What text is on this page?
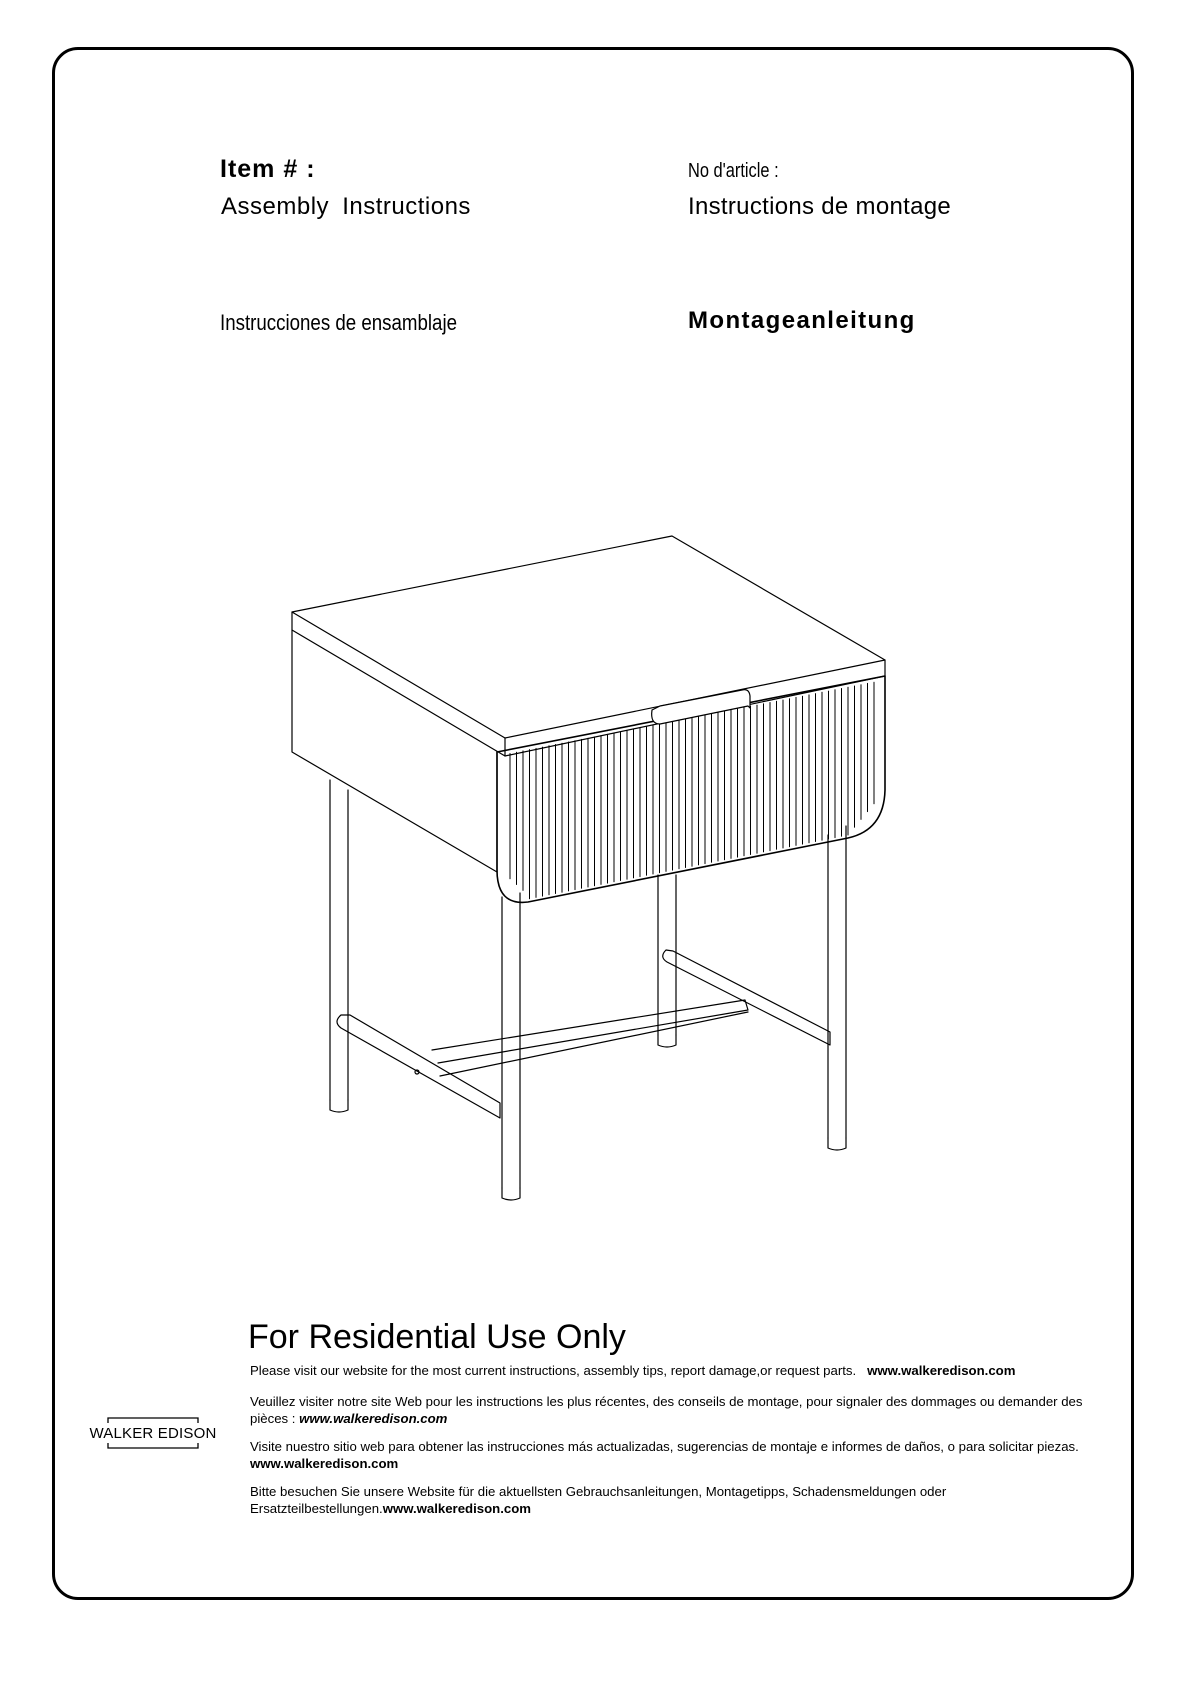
Item # :
Assembly Instructions
No d'article :
Instructions de montage
Instrucciones de ensamblaje	Montageanleitung
For Residential Use Only
Please visit our website for the most current instructions, assembly tips, report damage,or request parts. www.walkeredison.com
Veuillez visiter notre site Web pour les instructions les plus récentes, des conseils de montage, pour signaler des dommages ou demander des pièces : www.walkeredison.com
Visite nuestro sitio web para obtener las instrucciones más actualizadas, sugerencias de montaje e informes de daños, o para solicitar piezas. www.walkeredison.com
Bitte besuchen Sie unsere Website für die aktuellsten Gebrauchsanleitungen, Montagetipps, Schadensmeldungen oder Ersatzteilbestellungen.www.walkeredison.com
WALKER EDISON
